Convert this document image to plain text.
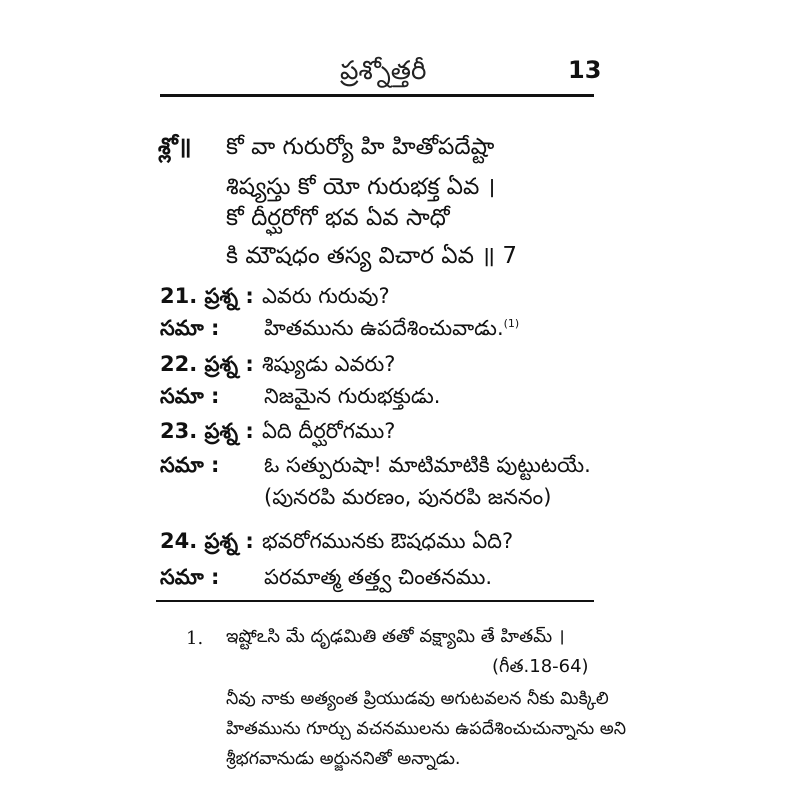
ప్రశ్నోత్తరీ	13
శ్లో॥ కో వా గురుర్యో హి హితోపదేష్టా
శిష్యస్తు కో యో గురుభక్త ఏవ ।
కో దీర్ఘరోగో భవ ఏవ సాధో
కి మౌషధం తస్య విచార ఏవ ॥ 7
21. ప్రశ్న : ఎవరు గురువు?
సమా : హితమును ఉపదేశించువాడు.$^{(1)}$
22. ప్రశ్న : శిష్యుడు ఎవరు?
సమా : నిజమైన గురుభక్తుడు.
23. ప్రశ్న : ఏది దీర్ఘరోగము?
సమా : ఓ సత్పురుషా! మాటిమాటికి పుట్టుటయే.
(పునరపి మరణం, పునరపి జననం)
24. ప్రశ్న : భవరోగమునకు ఔషధము ఏది?
సమా : పరమాత్మ తత్త్వ చింతనము.
1. ఇష్టోఽసి మే దృఢమితి తతో వక్ష్యామి తే హితమ్ ।
(గీత.18-64)
నీవు నాకు అత్యంత ప్రియుడవు అగుటవలన నీకు మిక్కిలి
హితమును గూర్చు వచనములను ఉపదేశించుచున్నాను అని
శ్రీభగవానుడు అర్జుననితో అన్నాడు.
